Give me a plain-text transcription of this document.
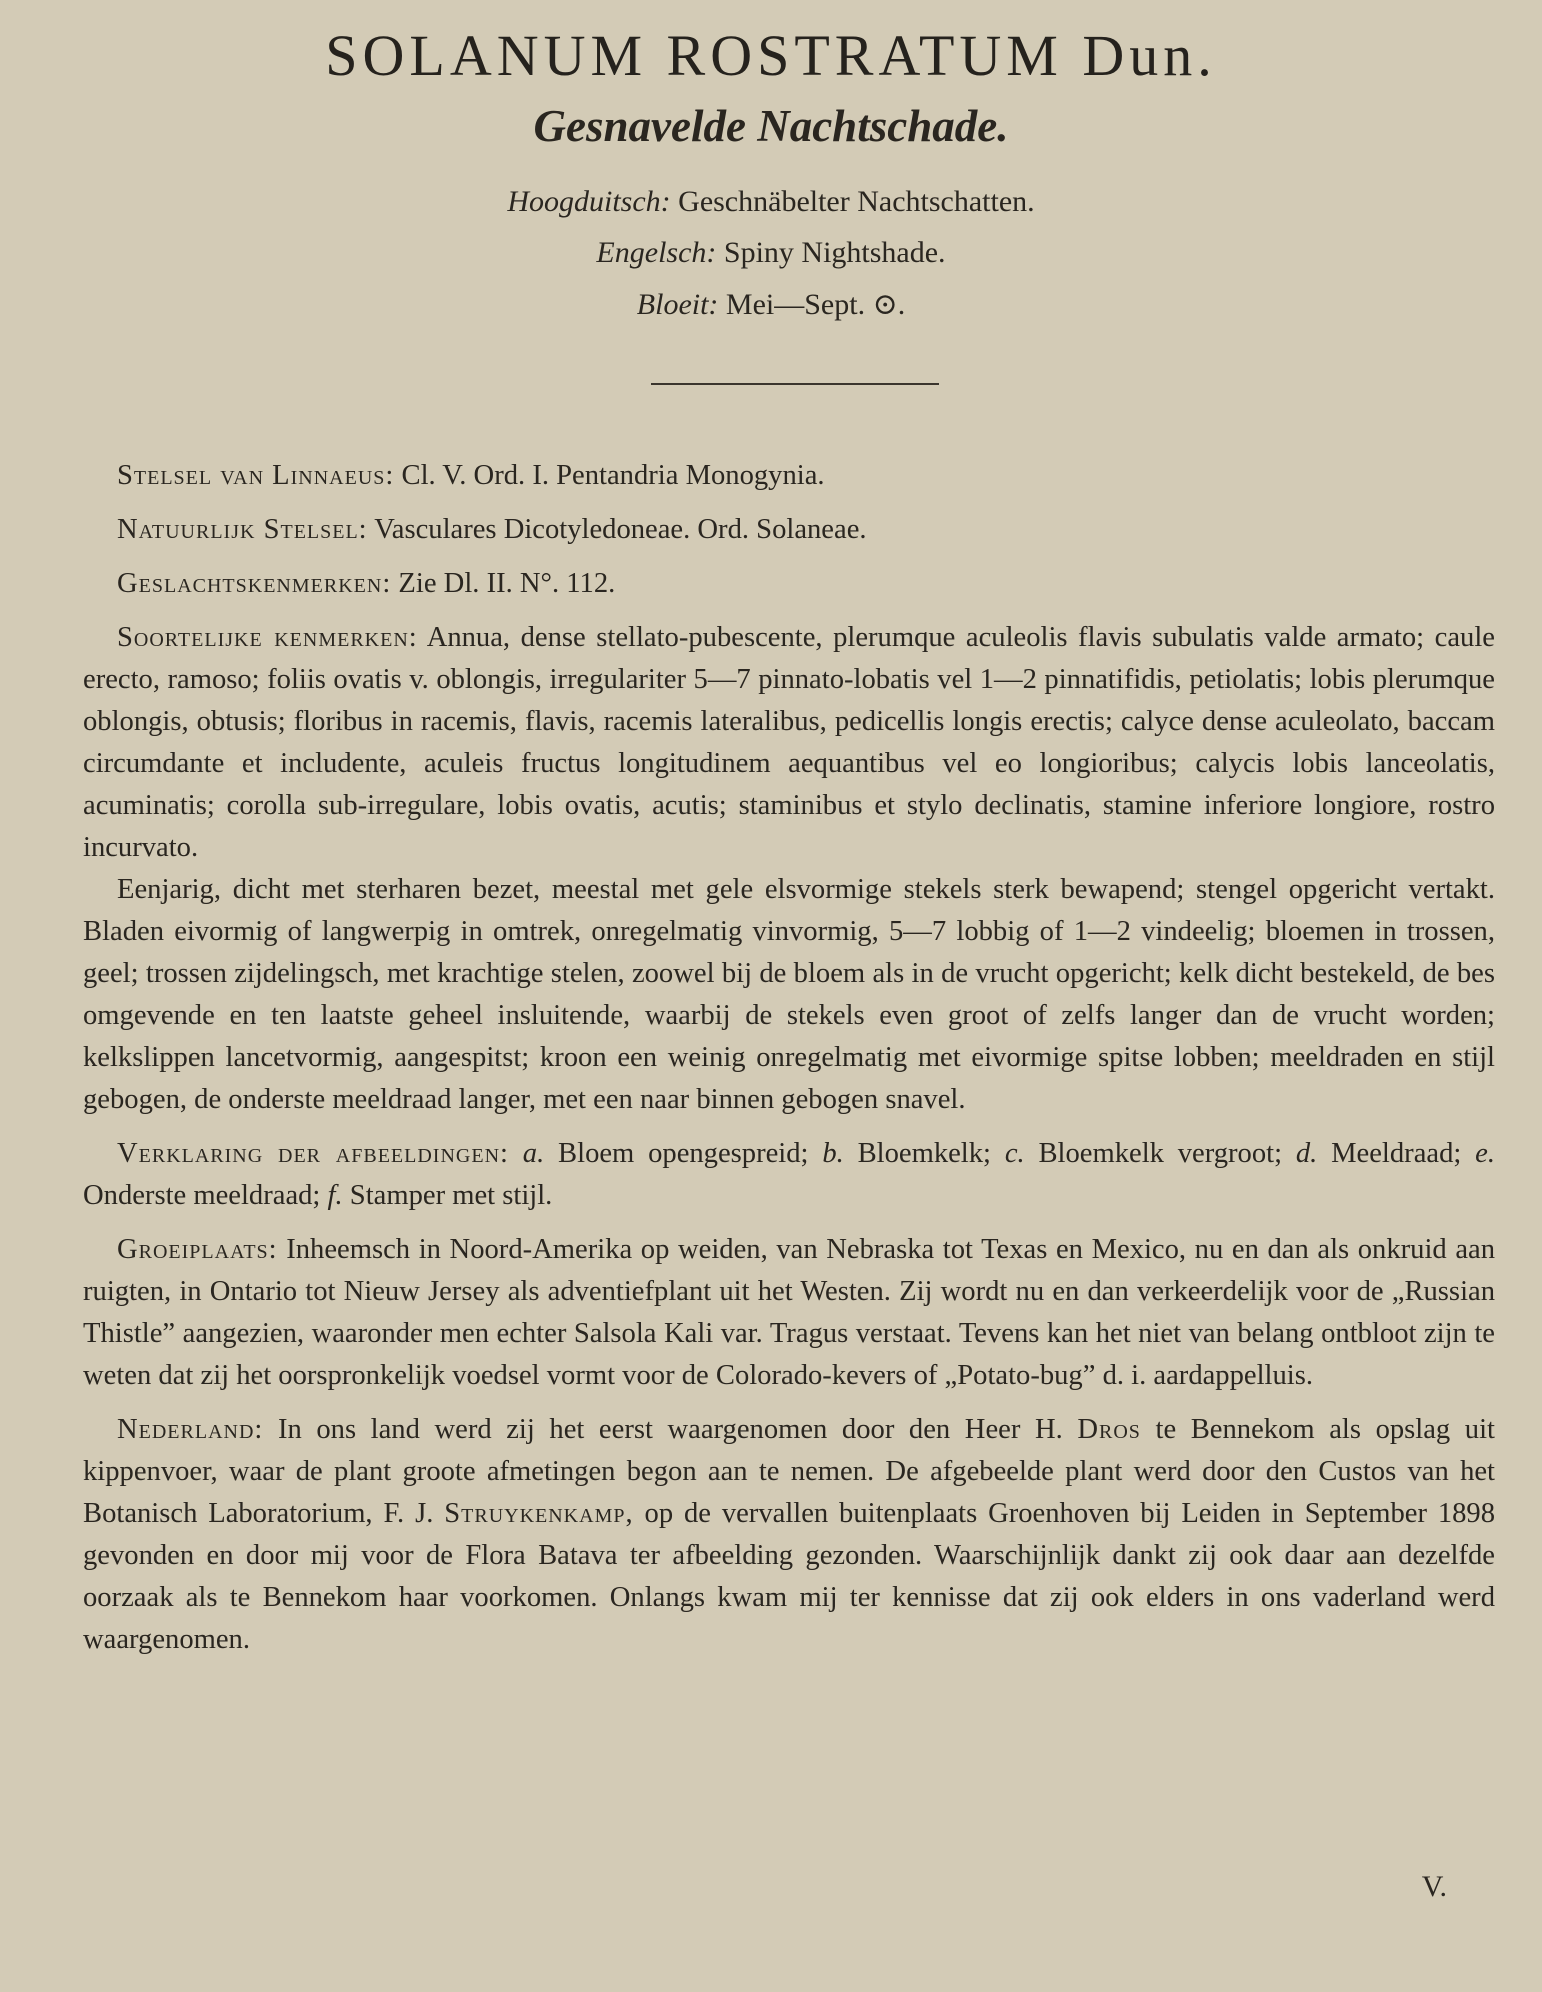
SOLANUM ROSTRATUM Dun.
Gesnavelde Nachtschade.
Hoogduitsch: Geschnäbelter Nachtschatten.
Engelsch: Spiny Nightshade.
Bloeit: Mei—Sept. ⊙.

Stelsel van Linnaeus: Cl. V. Ord. I. Pentandria Monogynia.

Natuurlijk Stelsel: Vasculares Dicotyledoneae. Ord. Solaneae.

Geslachtskenmerken: Zie Dl. II. N°. 112.

Soortelijke kenmerken: Annua, dense stellato-pubescente, plerumque aculeolis flavis subulatis valde armato; caule erecto, ramoso; foliis ovatis v. oblongis, irregulariter 5—7 pinnato-lobatis vel 1—2 pinnatifidis, petiolatis; lobis plerumque oblongis, obtusis; floribus in racemis, flavis, racemis lateralibus, pedicellis longis erectis; calyce dense aculeolato, baccam circumdante et includente, aculeis fructus longitudinem aequantibus vel eo longioribus; calycis lobis lanceolatis, acuminatis; corolla sub-irregulare, lobis ovatis, acutis; staminibus et stylo declinatis, stamine inferiore longiore, rostro incurvato.

Eenjarig, dicht met sterharen bezet, meestal met gele elsvormige stekels sterk bewapend; stengel opgericht vertakt. Bladen eivormig of langwerpig in omtrek, onregelmatig vinvormig, 5—7 lobbig of 1—2 vindeelig; bloemen in trossen, geel; trossen zijdelingsch, met krachtige stelen, zoowel bij de bloem als in de vrucht opgericht; kelk dicht bestekeld, de bes omgevende en ten laatste geheel insluitende, waarbij de stekels even groot of zelfs langer dan de vrucht worden; kelkslippen lancetvormig, aangespitst; kroon een weinig onregelmatig met eivormige spitse lobben; meeldraden en stijl gebogen, de onderste meeldraad langer, met een naar binnen gebogen snavel.

Verklaring der afbeeldingen: a. Bloem opengespreid; b. Bloemkelk; c. Bloemkelk vergroot; d. Meeldraad; e. Onderste meeldraad; f. Stamper met stijl.

Groeiplaats: Inheemsch in Noord-Amerika op weiden, van Nebraska tot Texas en Mexico, nu en dan als onkruid aan ruigten, in Ontario tot Nieuw Jersey als adventiefplant uit het Westen. Zij wordt nu en dan verkeerdelijk voor de „Russian Thistle” aangezien, waaronder men echter Salsola Kali var. Tragus verstaat. Tevens kan het niet van belang ontbloot zijn te weten dat zij het oorspronkelijk voedsel vormt voor de Colorado-kevers of „Potato-bug” d. i. aardappelluis.

Nederland: In ons land werd zij het eerst waargenomen door den Heer H. Dros te Bennekom als opslag uit kippenvoer, waar de plant groote afmetingen begon aan te nemen. De afgebeelde plant werd door den Custos van het Botanisch Laboratorium, F. J. Struykenkamp, op de vervallen buitenplaats Groenhoven bij Leiden in September 1898 gevonden en door mij voor de Flora Batava ter afbeelding gezonden. Waarschijnlijk dankt zij ook daar aan dezelfde oorzaak als te Bennekom haar voorkomen. Onlangs kwam mij ter kennisse dat zij ook elders in ons vaderland werd waargenomen.

V.
